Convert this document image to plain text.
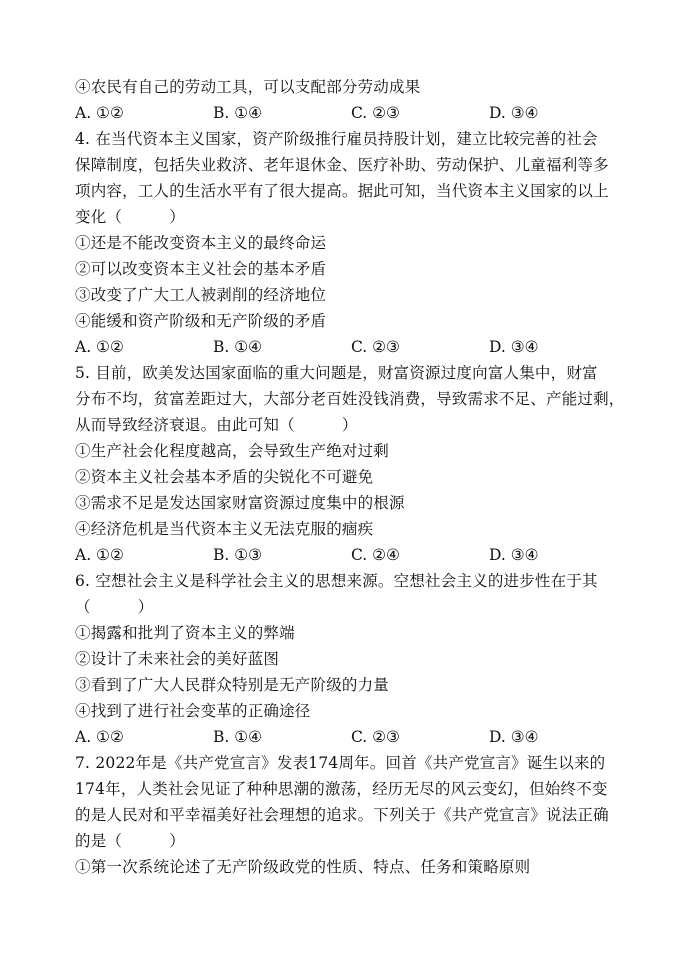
④农民有自己的劳动工具，可以支配部分劳动成果
A. ①②	B. ①④	C. ②③	D. ③④
4. 在当代资本主义国家，资产阶级推行雇员持股计划，建立比较完善的社会
保障制度，包括失业救济、老年退休金、医疗补助、劳动保护、儿童福利等多
项内容，工人的生活水平有了很大提高。据此可知，当代资本主义国家的以上
变化（　　　）
①还是不能改变资本主义的最终命运
②可以改变资本主义社会的基本矛盾
③改变了广大工人被剥削的经济地位
④能缓和资产阶级和无产阶级的矛盾
A. ①②	B. ①④	C. ②③	D. ③④
5. 目前，欧美发达国家面临的重大问题是，财富资源过度向富人集中，财富
分布不均，贫富差距过大，大部分老百姓没钱消费，导致需求不足、产能过剩，
从而导致经济衰退。由此可知（　　　）
①生产社会化程度越高，会导致生产绝对过剩
②资本主义社会基本矛盾的尖锐化不可避免
③需求不足是发达国家财富资源过度集中的根源
④经济危机是当代资本主义无法克服的痼疾
A. ①②	B. ①③	C. ②④	D. ③④
6. 空想社会主义是科学社会主义的思想来源。空想社会主义的进步性在于其
（　　　）
①揭露和批判了资本主义的弊端
②设计了未来社会的美好蓝图
③看到了广大人民群众特别是无产阶级的力量
④找到了进行社会变革的正确途径
A. ①②	B. ①④	C. ②③	D. ③④
7. 2022年是《共产党宣言》发表174周年。回首《共产党宣言》诞生以来的
174年，人类社会见证了种种思潮的激荡，经历无尽的风云变幻，但始终不变
的是人民对和平幸福美好社会理想的追求。下列关于《共产党宣言》说法正确
的是（　　　）
①第一次系统论述了无产阶级政党的性质、特点、任务和策略原则
